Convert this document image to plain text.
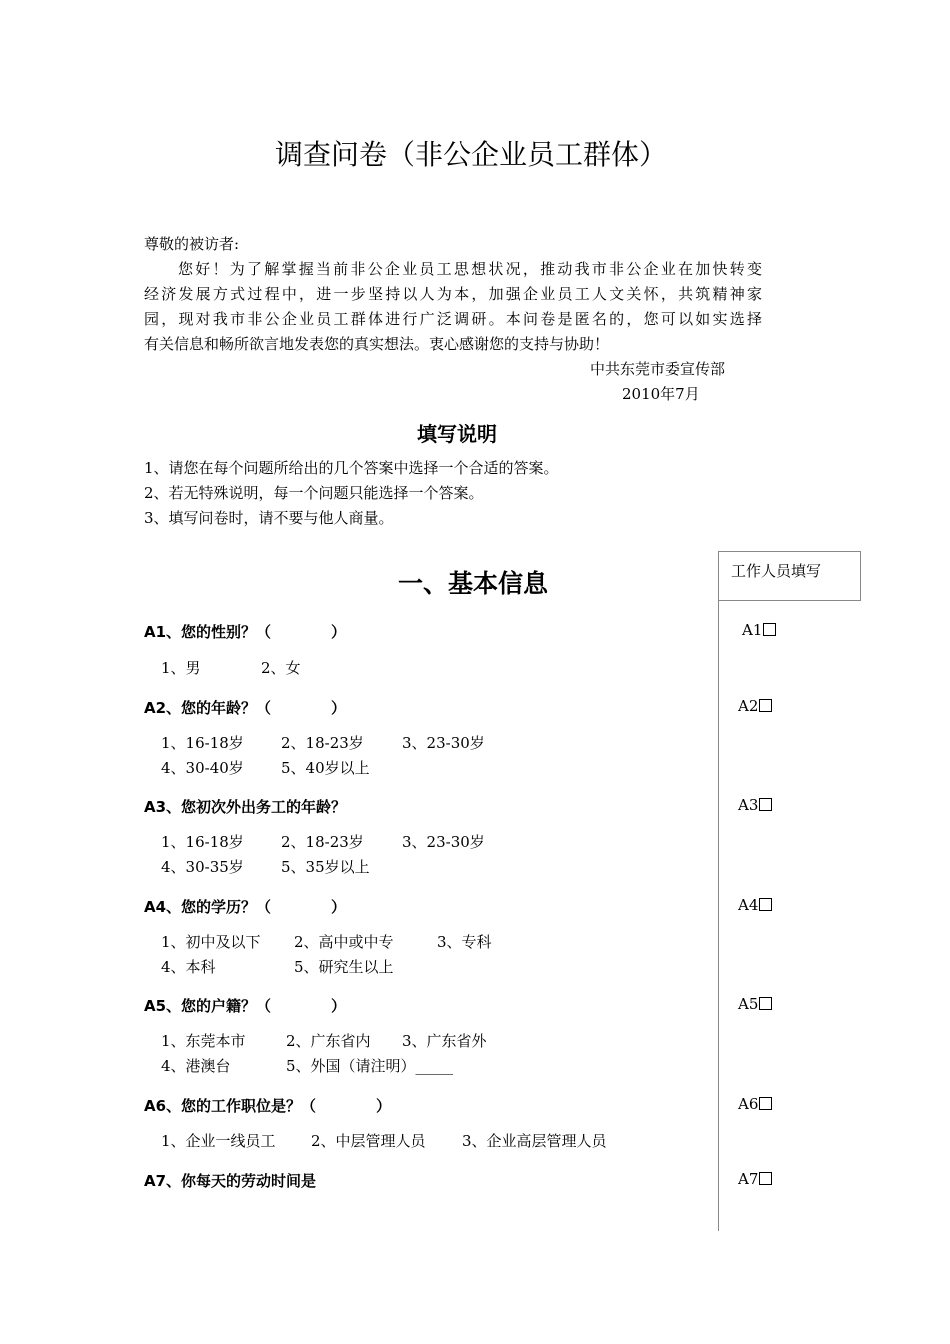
调查问卷（非公企业员工群体）
尊敬的被访者:
您好！为了解掌握当前非公企业员工思想状况，推动我市非公企业在加快转变
经济发展方式过程中，进一步坚持以人为本，加强企业员工人文关怀，共筑精神家
园，现对我市非公企业员工群体进行广泛调研。本问卷是匿名的，您可以如实选择
有关信息和畅所欲言地发表您的真实想法。衷心感谢您的支持与协助！
中共东莞市委宣传部
2010年7月
填写说明
1、请您在每个问题所给出的几个答案中选择一个合适的答案。
2、若无特殊说明，每一个问题只能选择一个答案。
3、填写问卷时，请不要与他人商量。
工作人员填写
一、基本信息
A1、您的性别？（　　　　）	A1
1、男	2、女
A2、您的年龄？（　　　　）	A2
1、16-18岁 2、18-23岁	3、23-30岁
4、30-40岁 5、40岁以上
A3、您初次外出务工的年龄？	A3
1、16-18岁 2、18-23岁	3、23-30岁
4、30-35岁 5、35岁以上
A4、您的学历？（　　　　）	A4
1、初中及以下 2、高中或中专	3、专科
4、本科	5、研究生以上
A5、您的户籍？（　　　　）	A5
1、东莞本市	2、广东省内 3、广东省外
4、港澳台	5、外国（请注明）_____
A6、您的工作职位是？（　　　　）	A6
1、企业一线员工 2、中层管理人员 3、企业高层管理人员
A7、你每天的劳动时间是	A7
